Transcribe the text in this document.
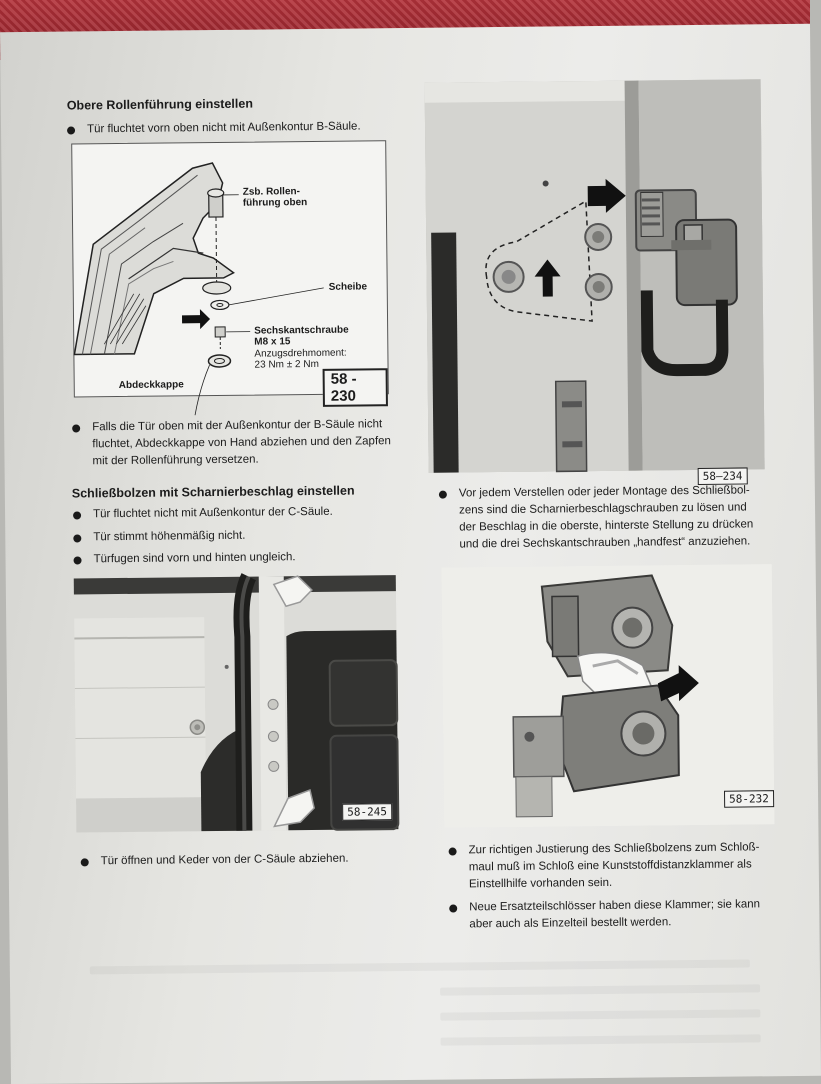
Obere Rollenführung einstellen
Tür fluchtet vorn oben nicht mit Außenkontur B-Säule.
Zsb. Rollen-
führung oben
Scheibe
Sechskantschraube
M8 x 15
Anzugsdrehmoment:
23 Nm ± 2 Nm
Abdeckkappe	58 - 230
Falls die Tür oben mit der Außenkontur der B-Säule nicht
fluchtet, Abdeckkappe von Hand abziehen und den Zapfen
mit der Rollenführung versetzen.
Schließbolzen mit Scharnierbeschlag einstellen
Tür fluchtet nicht mit Außenkontur der C-Säule.
Tür stimmt höhenmäßig nicht.
Türfugen sind vorn und hinten ungleich.
58-245
Tür öffnen und Keder von der C-Säule abziehen.
58–234
Vor jedem Verstellen oder jeder Montage des Schließbol-
zens sind die Scharnierbeschlagschrauben zu lösen und
der Beschlag in die oberste, hinterste Stellung zu drücken
und die drei Sechskantschrauben „handfest“ anzuziehen.
58-232
Zur richtigen Justierung des Schließbolzens zum Schloß-
maul muß im Schloß eine Kunststoffdistanzklammer als
Einstellhilfe vorhanden sein.
Neue Ersatzteilschlösser haben diese Klammer; sie kann
aber auch als Einzelteil bestellt werden.
